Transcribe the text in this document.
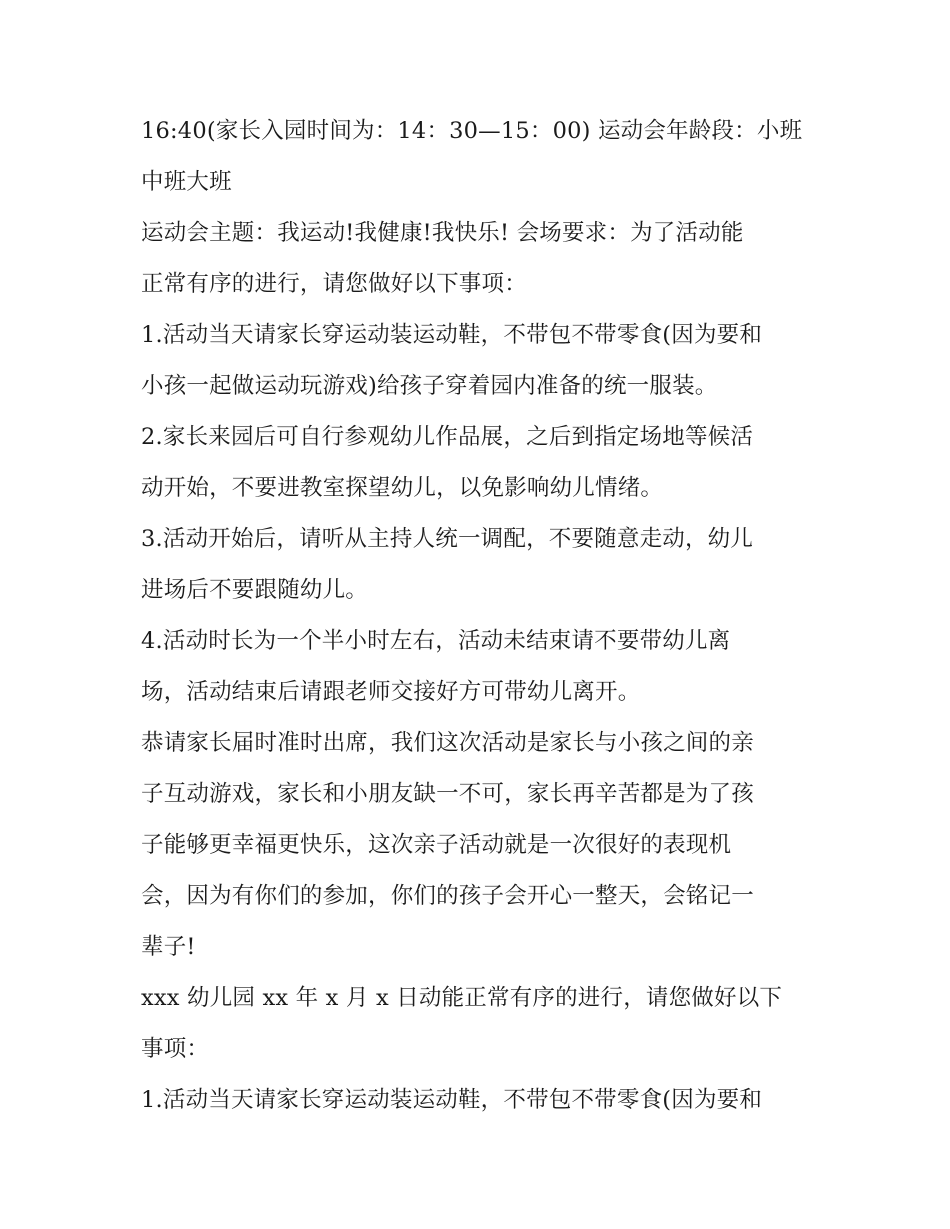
16:40(家长入园时间为：14：30—15：00) 运动会年龄段：小班
中班大班
运动会主题：我运动!我健康!我快乐! 会场要求：为了活动能
正常有序的进行，请您做好以下事项：
1.活动当天请家长穿运动装运动鞋，不带包不带零食(因为要和
小孩一起做运动玩游戏)给孩子穿着园内准备的统一服装。
2.家长来园后可自行参观幼儿作品展，之后到指定场地等候活
动开始，不要进教室探望幼儿，以免影响幼儿情绪。
3.活动开始后，请听从主持人统一调配，不要随意走动，幼儿
进场后不要跟随幼儿。
4.活动时长为一个半小时左右，活动未结束请不要带幼儿离
场，活动结束后请跟老师交接好方可带幼儿离开。
恭请家长届时准时出席，我们这次活动是家长与小孩之间的亲
子互动游戏，家长和小朋友缺一不可，家长再辛苦都是为了孩
子能够更幸福更快乐，这次亲子活动就是一次很好的表现机
会，因为有你们的参加，你们的孩子会开心一整天，会铭记一
辈子!
xxx 幼儿园 xx 年 x 月 x 日动能正常有序的进行，请您做好以下
事项：
1.活动当天请家长穿运动装运动鞋，不带包不带零食(因为要和
